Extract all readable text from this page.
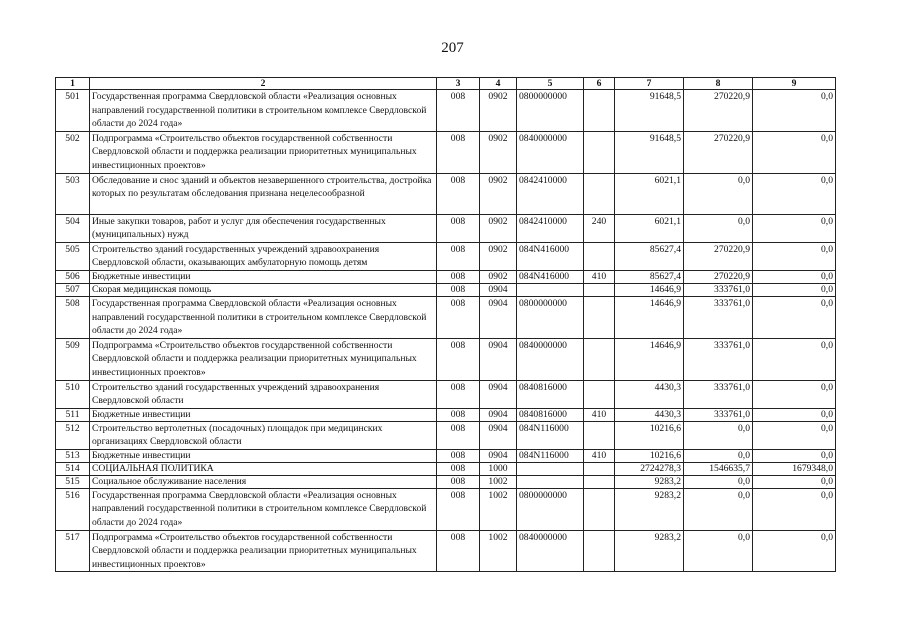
207
1	2	3	4	5	6	7	8	9
501	Государственная программа Свердловской области «Реализация основных направлений государственной политики в строительном комплексе Свердловской области до 2024 года»	008	0902	0800000000		91648,5	270220,9	0,0
502	Подпрограмма «Строительство объектов государственной собственности Свердловской области и поддержка реализации приоритетных муниципальных инвестиционных проектов»	008	0902	0840000000		91648,5	270220,9	0,0
503	Обследование и снос зданий и объектов незавершенного строительства, достройка которых по результатам обследования признана нецелесообразной	008	0902	0842410000		6021,1	0,0	0,0
504	Иные закупки товаров, работ и услуг для обеспечения государственных (муниципальных) нужд	008	0902	0842410000	240	6021,1	0,0	0,0
505	Строительство зданий государственных учреждений здравоохранения Свердловской области, оказывающих амбулаторную помощь детям	008	0902	084N416000		85627,4	270220,9	0,0
506	Бюджетные инвестиции	008	0902	084N416000	410	85627,4	270220,9	0,0
507	Скорая медицинская помощь	008	0904			14646,9	333761,0	0,0
508	Государственная программа Свердловской области «Реализация основных направлений государственной политики в строительном комплексе Свердловской области до 2024 года»	008	0904	0800000000		14646,9	333761,0	0,0
509	Подпрограмма «Строительство объектов государственной собственности Свердловской области и поддержка реализации приоритетных муниципальных инвестиционных проектов»	008	0904	0840000000		14646,9	333761,0	0,0
510	Строительство зданий государственных учреждений здравоохранения Свердловской области	008	0904	0840816000		4430,3	333761,0	0,0
511	Бюджетные инвестиции	008	0904	0840816000	410	4430,3	333761,0	0,0
512	Строительство вертолетных (посадочных) площадок при медицинских организациях Свердловской области	008	0904	084N116000		10216,6	0,0	0,0
513	Бюджетные инвестиции	008	0904	084N116000	410	10216,6	0,0	0,0
514	СОЦИАЛЬНАЯ ПОЛИТИКА	008	1000			2724278,3	1546635,7	1679348,0
515	Социальное обслуживание населения	008	1002			9283,2	0,0	0,0
516	Государственная программа Свердловской области «Реализация основных направлений государственной политики в строительном комплексе Свердловской области до 2024 года»	008	1002	0800000000		9283,2	0,0	0,0
517	Подпрограмма «Строительство объектов государственной собственности Свердловской области и поддержка реализации приоритетных муниципальных инвестиционных проектов»	008	1002	0840000000		9283,2	0,0	0,0
